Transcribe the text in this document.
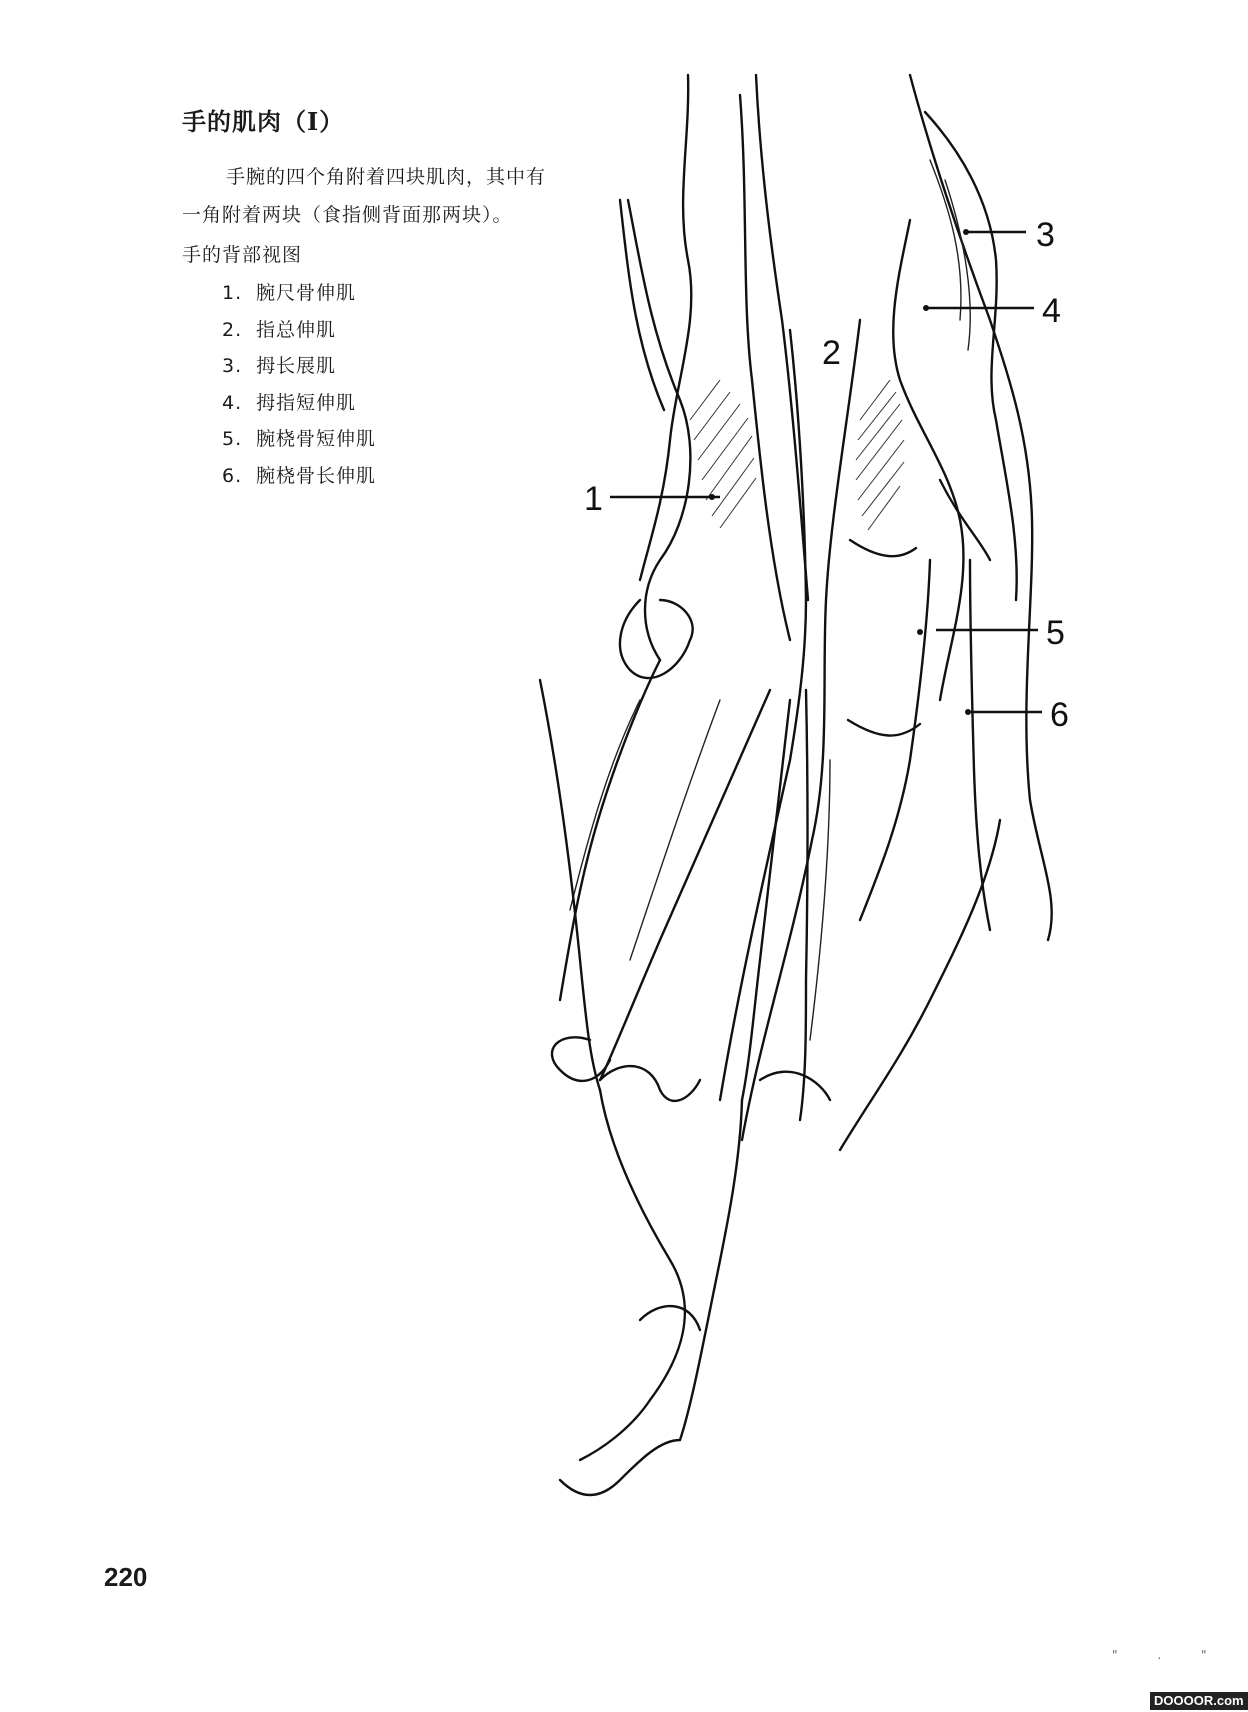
手的肌肉（Ⅰ）
手腕的四个角附着四块肌肉，其中有
一角附着两块（食指侧背面那两块）。
手的背部视图
1. 腕尺骨伸肌
2. 指总伸肌
3. 拇长展肌
4. 拇指短伸肌
5. 腕桡骨短伸肌
6. 腕桡骨长伸肌
2
1
3
4
5
6
220
" . "
DOOOOR.com
